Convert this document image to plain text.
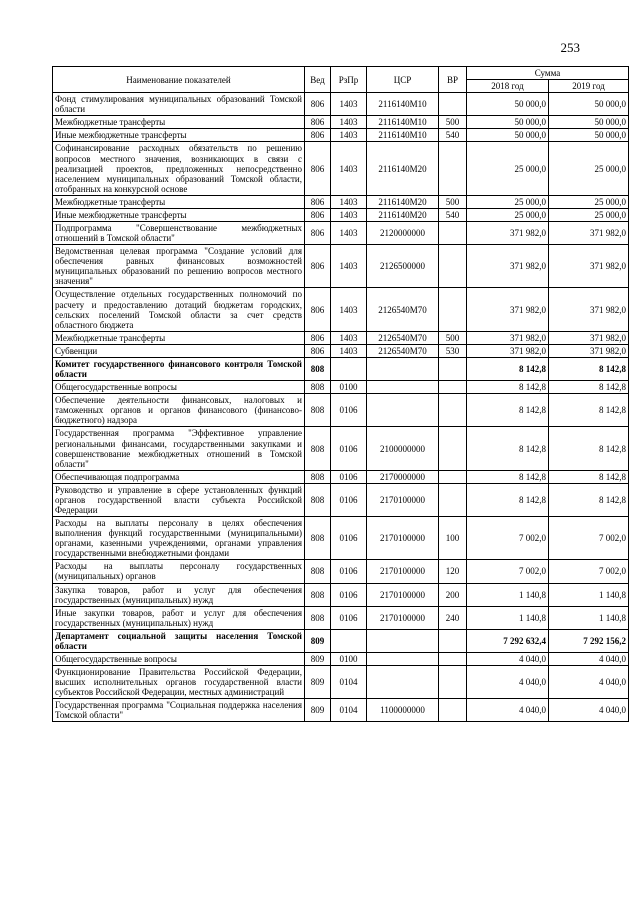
253
Наименование показателей	Вед	РзПр	ЦСР	ВР	Сумма	
					2018 год	2019 год
Фонд стимулирования муниципальных образований Томской области	806	1403	2116140М10		50 000,0	50 000,0
Межбюджетные трансферты	806	1403	2116140М10	500	50 000,0	50 000,0
Иные межбюджетные трансферты	806	1403	2116140М10	540	50 000,0	50 000,0
Софинансирование расходных обязательств по решению вопросов местного значения, возникающих в связи с реализацией проектов, предложенных непосредственно населением муниципальных образований Томской области, отобранных на конкурсной основе	806	1403	2116140М20		25 000,0	25 000,0
Межбюджетные трансферты	806	1403	2116140М20	500	25 000,0	25 000,0
Иные межбюджетные трансферты	806	1403	2116140М20	540	25 000,0	25 000,0
Подпрограмма "Совершенствование межбюджетных отношений в Томской области"	806	1403	2120000000		371 982,0	371 982,0
Ведомственная целевая программа "Создание условий для обеспечения равных финансовых возможностей муниципальных образований по решению вопросов местного значения"	806	1403	2126500000		371 982,0	371 982,0
Осуществление отдельных государственных полномочий по расчету и предоставлению дотаций бюджетам городских, сельских поселений Томской области за счет средств областного бюджета	806	1403	2126540М70		371 982,0	371 982,0
Межбюджетные трансферты	806	1403	2126540М70	500	371 982,0	371 982,0
Субвенции	806	1403	2126540М70	530	371 982,0	371 982,0
Комитет государственного финансового контроля Томской области	808				8 142,8	8 142,8
Общегосударственные вопросы	808	0100			8 142,8	8 142,8
Обеспечение деятельности финансовых, налоговых и таможенных органов и органов финансового (финансово-бюджетного) надзора	808	0106			8 142,8	8 142,8
Государственная программа "Эффективное управление региональными финансами, государственными закупками и совершенствование межбюджетных отношений в Томской области"	808	0106	2100000000		8 142,8	8 142,8
Обеспечивающая подпрограмма	808	0106	2170000000		8 142,8	8 142,8
Руководство и управление в сфере установленных функций органов государственной власти субъекта Российской Федерации	808	0106	2170100000		8 142,8	8 142,8
Расходы на выплаты персоналу в целях обеспечения выполнения функций государственными (муниципальными) органами, казенными учреждениями, органами управления государственными внебюджетными фондами	808	0106	2170100000	100	7 002,0	7 002,0
Расходы на выплаты персоналу государственных (муниципальных) органов	808	0106	2170100000	120	7 002,0	7 002,0
Закупка товаров, работ и услуг для обеспечения государственных (муниципальных) нужд	808	0106	2170100000	200	1 140,8	1 140,8
Иные закупки товаров, работ и услуг для обеспечения государственных (муниципальных) нужд	808	0106	2170100000	240	1 140,8	1 140,8
Департамент социальной защиты населения Томской области	809				7 292 632,4	7 292 156,2
Общегосударственные вопросы	809	0100			4 040,0	4 040,0
Функционирование Правительства Российской Федерации, высших исполнительных органов государственной власти субъектов Российской Федерации, местных администраций	809	0104			4 040,0	4 040,0
Государственная программа "Социальная поддержка населения Томской области"	809	0104	1100000000		4 040,0	4 040,0
